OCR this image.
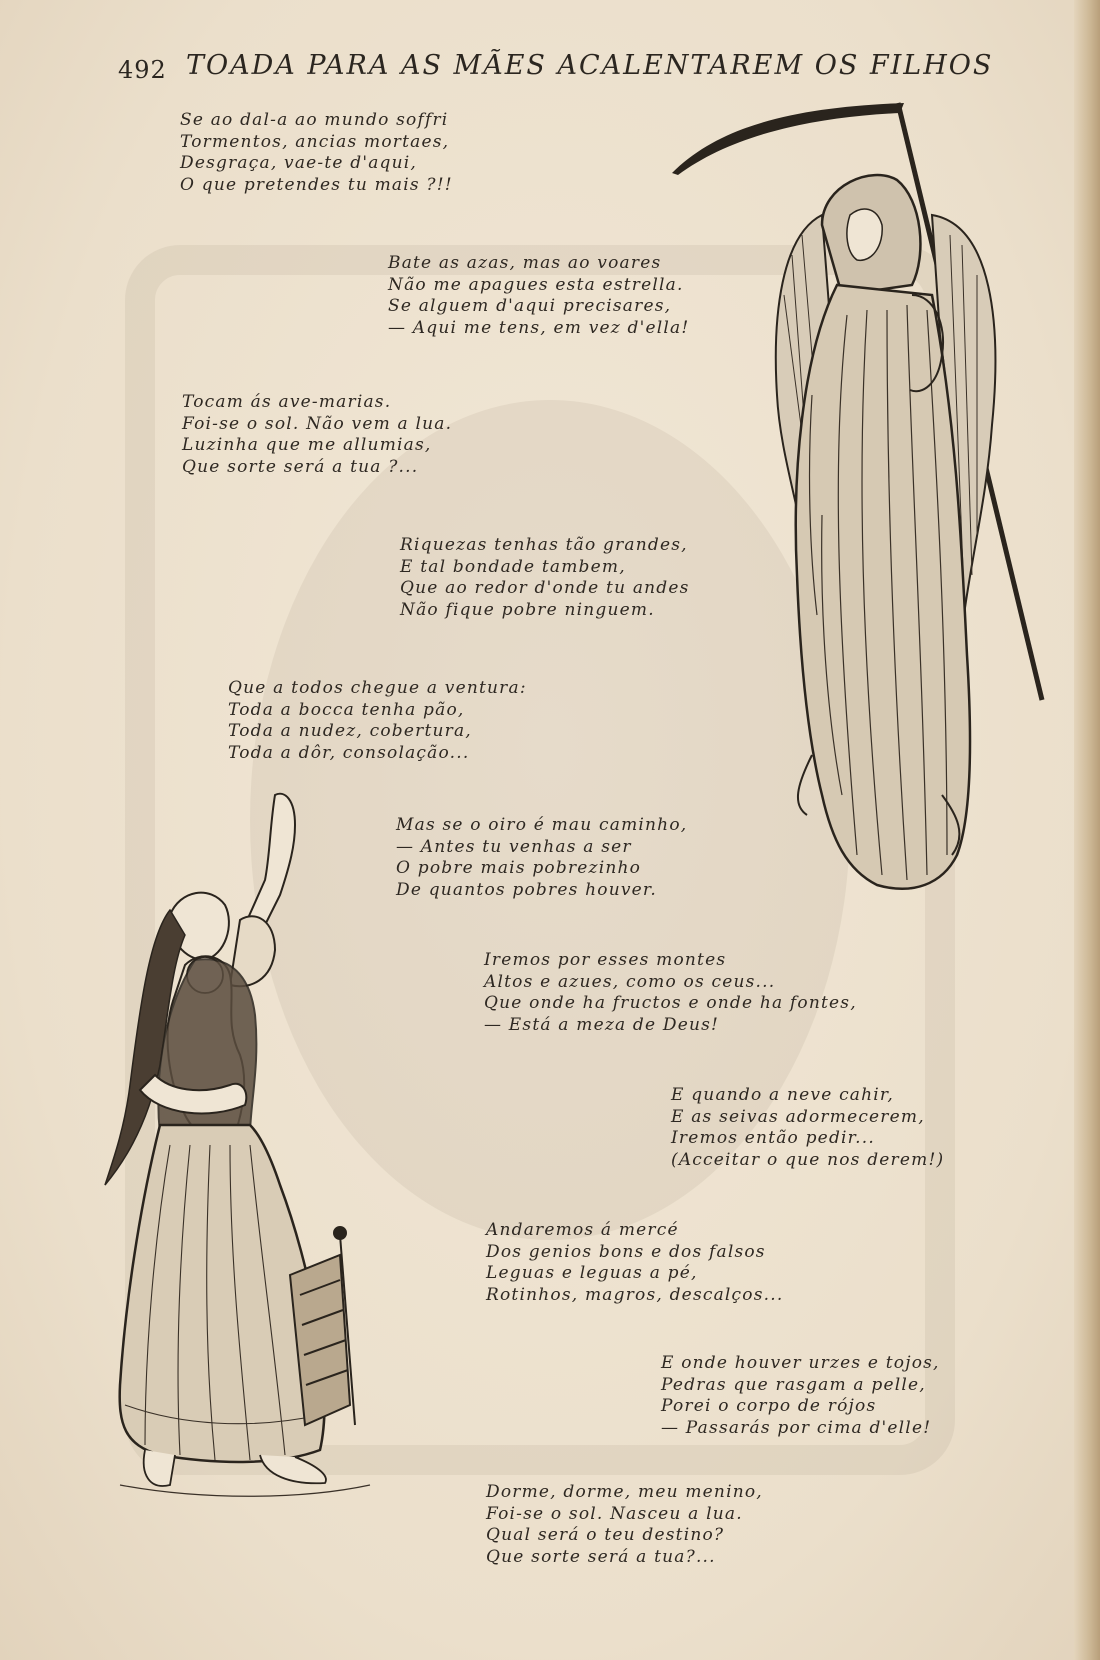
492 TOADA PARA AS MÃES ACALENTAREM OS FILHOS
Se ao dal-a ao mundo soffri
Tormentos, ancias mortaes,
Desgraça, vae-te d'aqui,
O que pretendes tu mais ?!!
Bate as azas, mas ao voares
Não me apagues esta estrella.
Se alguem d'aqui precisares,
— Aqui me tens, em vez d'ella!
Tocam ás ave-marias.
Foi-se o sol. Não vem a lua.
Luzinha que me allumias,
Que sorte será a tua ?...
Riquezas tenhas tão grandes,
E tal bondade tambem,
Que ao redor d'onde tu andes
Não fique pobre ninguem.
Que a todos chegue a ventura:
Toda a bocca tenha pão,
Toda a nudez, cobertura,
Toda a dôr, consolação...
Mas se o oiro é mau caminho,
— Antes tu venhas a ser
O pobre mais pobrezinho
De quantos pobres houver.
Iremos por esses montes
Altos e azues, como os ceus...
Que onde ha fructos e onde ha fontes,
— Está a meza de Deus!
E quando a neve cahir,
E as seivas adormecerem,
Iremos então pedir...
(Acceitar o que nos derem!)
Andaremos á mercé
Dos genios bons e dos falsos
Leguas e leguas a pé,
Rotinhos, magros, descalços...
E onde houver urzes e tojos,
Pedras que rasgam a pelle,
Porei o corpo de rójos
— Passarás por cima d'elle!
Dorme, dorme, meu menino,
Foi-se o sol. Nasceu a lua.
Qual será o teu destino?
Que sorte será a tua?...
